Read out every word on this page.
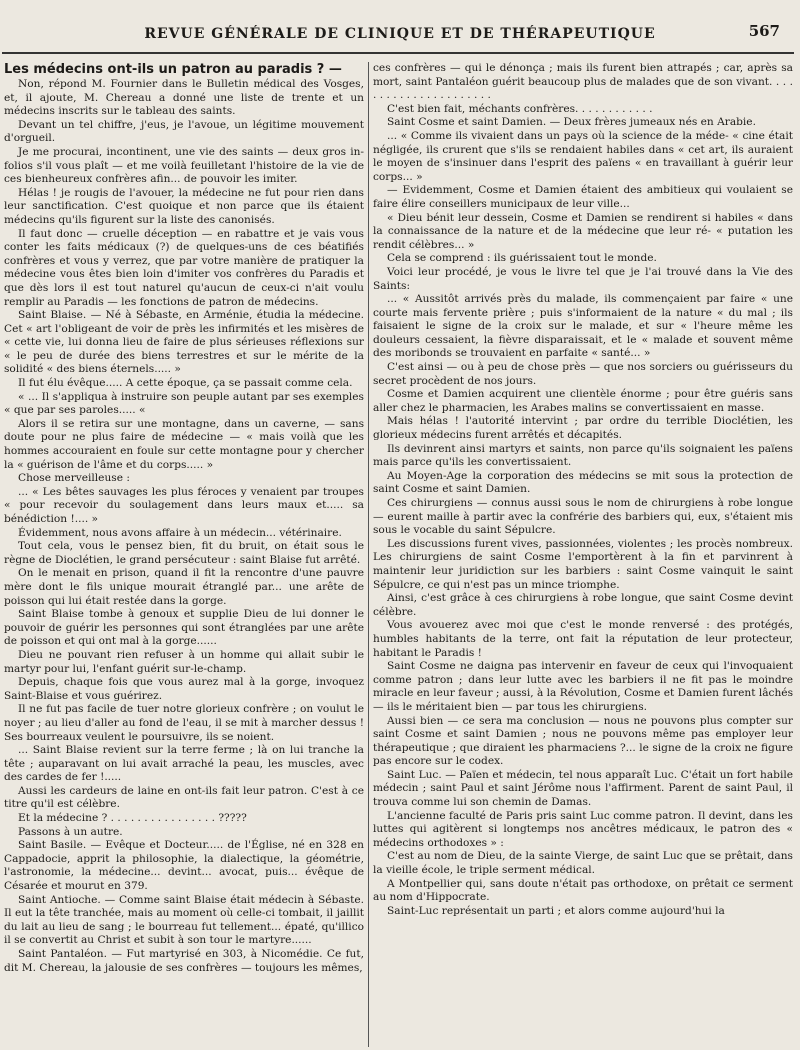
REVUE GÉNÉRALE DE CLINIQUE ET DE THÉRAPEUTIQUE	567

Les médecins ont-ils un patron au paradis ? —

Non, répond M. Fournier dans le Bulletin médical des Vosges, et, il ajoute, M. Chereau a donné une liste de trente et un médecins inscrits sur le tableau des saints.

Devant un tel chiffre, j'eus, je l'avoue, un légitime mouvement d'orgueil.

Je me procurai, incontinent, une vie des saints — deux gros in-folios s'il vous plaît — et me voilà feuilletant l'histoire de la vie de ces bienheureux confrères afin... de pouvoir les imiter.

Hélas ! je rougis de l'avouer, la médecine ne fut pour rien dans leur sanctification. C'est quoique et non parce que ils étaient médecins qu'ils figurent sur la liste des canonisés.

Il faut donc — cruelle déception — en rabattre et je vais vous conter les faits médicaux (?) de quelques-uns de ces béatifiés confrères et vous y verrez, que par votre manière de pratiquer la médecine vous êtes bien loin d'imiter vos confrères du Paradis et que dès lors il est tout naturel qu'aucun de ceux-ci n'ait voulu remplir au Paradis — les fonctions de patron de médecins.

Saint Blaise. — Né à Sébaste, en Arménie, étudia la médecine. Cet « art l'obligeant de voir de près les infirmités et les misères de « cette vie, lui donna lieu de faire de plus sérieuses réflexions sur « le peu de durée des biens terrestres et sur le mérite de la solidité « des biens éternels..... »

Il fut élu évêque..... A cette époque, ça se passait comme cela.

« ... Il s'appliqua à instruire son peuple autant par ses exemples « que par ses paroles..... «

Alors il se retira sur une montagne, dans un caverne, — sans doute pour ne plus faire de médecine — « mais voilà que les hommes accouraient en foule sur cette montagne pour y chercher la « guérison de l'âme et du corps..... »

Chose merveilleuse :

... « Les bêtes sauvages les plus féroces y venaient par troupes « pour recevoir du soulagement dans leurs maux et..... sa bénédiction !.... »

Évidemment, nous avons affaire à un médecin... vétérinaire.

Tout cela, vous le pensez bien, fit du bruit, on était sous le règne de Dioclétien, le grand persécuteur : saint Blaise fut arrêté.

On le menait en prison, quand il fit la rencontre d'une pauvre mère dont le fils unique mourait étranglé par... une arête de poisson qui lui était restée dans la gorge.

Saint Blaise tombe à genoux et supplie Dieu de lui donner le pouvoir de guérir les personnes qui sont étranglées par une arête de poisson et qui ont mal à la gorge......

Dieu ne pouvant rien refuser à un homme qui allait subir le martyr pour lui, l'enfant guérit sur-le-champ.

Depuis, chaque fois que vous aurez mal à la gorge, invoquez Saint-Blaise et vous guérirez.

Il ne fut pas facile de tuer notre glorieux confrère ; on voulut le noyer ; au lieu d'aller au fond de l'eau, il se mit à marcher dessus ! Ses bourreaux veulent le poursuivre, ils se noient.

... Saint Blaise revient sur la terre ferme ; là on lui tranche la tête ; auparavant on lui avait arraché la peau, les muscles, avec des cardes de fer !.....

Aussi les cardeurs de laine en ont-ils fait leur patron. C'est à ce titre qu'il est célèbre.

Et la médecine ? . . . . . . . . . . . . . . . . ?????

Passons à un autre.

Saint Basile. — Evêque et Docteur..... de l'Église, né en 328 en Cappadocie, apprit la philosophie, la dialectique, la géométrie, l'astronomie, la médecine... devint... avocat, puis... évêque de Césarée et mourut en 379.

Saint Antioche. — Comme saint Blaise était médecin à Sébaste. Il eut la tête tranchée, mais au moment où celle-ci tombait, il jaillit du lait au lieu de sang ; le bourreau fut tellement... épaté, qu'illico il se convertit au Christ et subit à son tour le martyre......

Saint Pantaléon. — Fut martyrisé en 303, à Nicomédie. Ce fut, dit M. Chereau, la jalousie de ses confrères — toujours les mêmes,

ces confrères — qui le dénonça ; mais ils furent bien attrapés ; car, après sa mort, saint Pantaléon guérit beaucoup plus de malades que de son vivant. . . . . . . . . . . . . . . . . . . . . .

C'est bien fait, méchants confrères. . . . . . . . . . . .

Saint Cosme et saint Damien. — Deux frères jumeaux nés en Arabie.

... « Comme ils vivaient dans un pays où la science de la méde- « cine était négligée, ils crurent que s'ils se rendaient habiles dans « cet art, ils auraient le moyen de s'insinuer dans l'esprit des païens « en travaillant à guérir leur corps... »

— Evidemment, Cosme et Damien étaient des ambitieux qui voulaient se faire élire conseillers municipaux de leur ville...

« Dieu bénit leur dessein, Cosme et Damien se rendirent si habiles « dans la connaissance de la nature et de la médecine que leur ré- « putation les rendit célèbres... »

Cela se comprend : ils guérissaient tout le monde.

Voici leur procédé, je vous le livre tel que je l'ai trouvé dans la Vie des Saints:

... « Aussitôt arrivés près du malade, ils commençaient par faire « une courte mais fervente prière ; puis s'informaient de la nature « du mal ; ils faisaient le signe de la croix sur le malade, et sur « l'heure même les douleurs cessaient, la fièvre disparaissait, et le « malade et souvent même des moribonds se trouvaient en parfaite « santé... »

C'est ainsi — ou à peu de chose près — que nos sorciers ou guérisseurs du secret procèdent de nos jours.

Cosme et Damien acquirent une clientèle énorme ; pour être guéris sans aller chez le pharmacien, les Arabes malins se convertissaient en masse.

Mais hélas ! l'autorité intervint ; par ordre du terrible Dioclétien, les glorieux médecins furent arrêtés et décapités.

Ils devinrent ainsi martyrs et saints, non parce qu'ils soignaient les païens mais parce qu'ils les convertissaient.

Au Moyen-Age la corporation des médecins se mit sous la protection de saint Cosme et saint Damien.

Ces chirurgiens — connus aussi sous le nom de chirurgiens à robe longue — eurent maille à partir avec la confrérie des barbiers qui, eux, s'étaient mis sous le vocable du saint Sépulcre.

Les discussions furent vives, passionnées, violentes ; les procès nombreux. Les chirurgiens de saint Cosme l'emportèrent à la fin et parvinrent à maintenir leur juridiction sur les barbiers : saint Cosme vainquit le saint Sépulcre, ce qui n'est pas un mince triomphe.

Ainsi, c'est grâce à ces chirurgiens à robe longue, que saint Cosme devint célèbre.

Vous avouerez avec moi que c'est le monde renversé : des protégés, humbles habitants de la terre, ont fait la réputation de leur protecteur, habitant le Paradis !

Saint Cosme ne daigna pas intervenir en faveur de ceux qui l'invoquaient comme patron ; dans leur lutte avec les barbiers il ne fit pas le moindre miracle en leur faveur ; aussi, à la Révolution, Cosme et Damien furent lâchés — ils le méritaient bien — par tous les chirurgiens.

Aussi bien — ce sera ma conclusion — nous ne pouvons plus compter sur saint Cosme et saint Damien ; nous ne pouvons même pas employer leur thérapeutique ; que diraient les pharmaciens ?... le signe de la croix ne figure pas encore sur le codex.

Saint Luc. — Païen et médecin, tel nous apparaît Luc. C'était un fort habile médecin ; saint Paul et saint Jérôme nous l'affirment. Parent de saint Paul, il trouva comme lui son chemin de Damas.

L'ancienne faculté de Paris pris saint Luc comme patron. Il devint, dans les luttes qui agitèrent si longtemps nos ancêtres médicaux, le patron des « médecins orthodoxes » :

C'est au nom de Dieu, de la sainte Vierge, de saint Luc que se prêtait, dans la vieille école, le triple serment médical.

A Montpellier qui, sans doute n'était pas orthodoxe, on prêtait ce serment au nom d'Hippocrate.

Saint-Luc représentait un parti ; et alors comme aujourd'hui la
